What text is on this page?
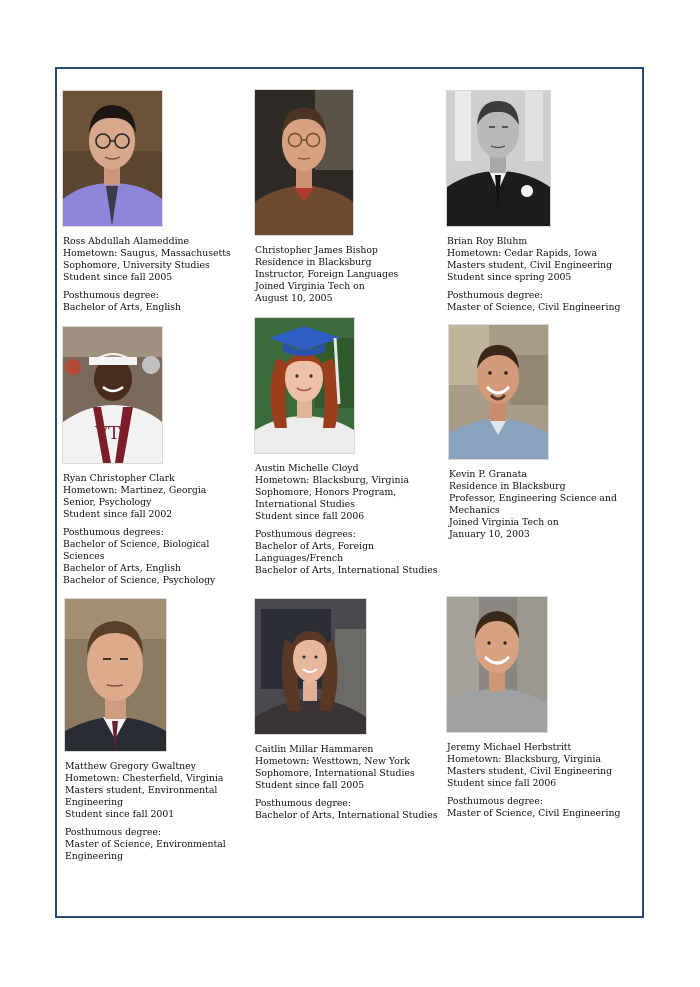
Ross Abdullah Alameddine
Hometown: Saugus, Massachusetts
Sophomore, University Studies
Student since fall 2005
Posthumous degree:
Bachelor of Arts, English
Christopher James Bishop
Residence in Blacksburg
Instructor, Foreign Languages
Joined Virginia Tech on
August 10, 2005
Brian Roy Bluhm
Hometown: Cedar Rapids, Iowa
Masters student, Civil Engineering
Student since spring 2005
Posthumous degree:
Master of Science, Civil Engineering
VT
Ryan Christopher Clark
Hometown: Martinez, Georgia
Senior, Psychology
Student since fall 2002
Posthumous degrees:
Bachelor of Science, Biological Sciences
Bachelor of Arts, English
Bachelor of Science, Psychology
Austin Michelle Cloyd
Hometown: Blacksburg, Virginia
Sophomore, Honors Program, International Studies
Student since fall 2006
Posthumous degrees:
Bachelor of Arts, Foreign Languages/French
Bachelor of Arts, International Studies
Kevin P. Granata
Residence in Blacksburg
Professor, Engineering Science and Mechanics
Joined Virginia Tech on
January 10, 2003
Matthew Gregory Gwaltney
Hometown: Chesterfield, Virginia
Masters student, Environmental Engineering
Student since fall 2001
Posthumous degree:
Master of Science, Environmental Engineering
Caitlin Millar Hammaren
Hometown: Westtown, New York
Sophomore, International Studies
Student since fall 2005
Posthumous degree:
Bachelor of Arts, International Studies
Jeremy Michael Herbstritt
Hometown: Blacksburg, Virginia
Masters student, Civil Engineering
Student since fall 2006
Posthumous degree:
Master of Science, Civil Engineering
